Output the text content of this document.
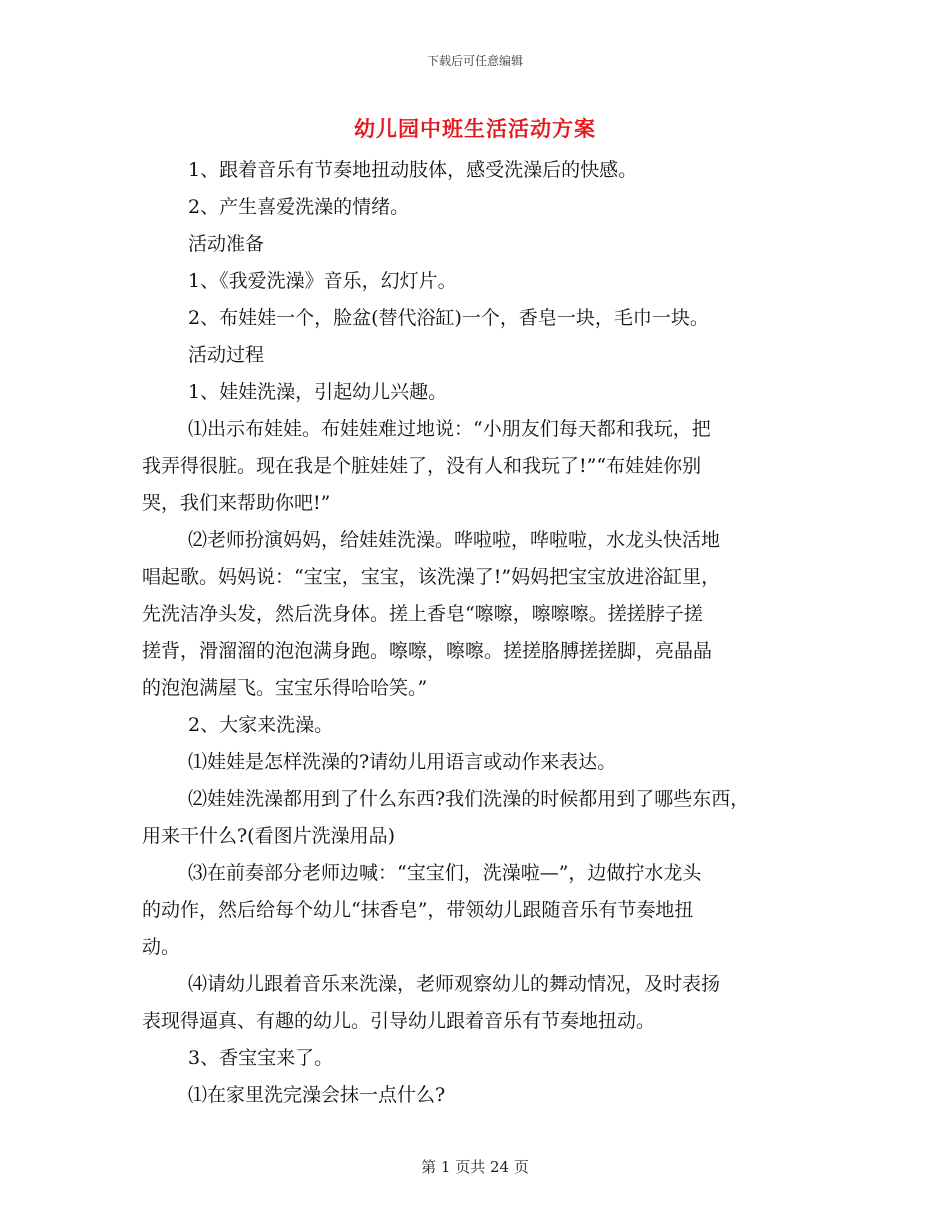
下载后可任意编辑
幼儿园中班生活活动方案

1、跟着音乐有节奏地扭动肢体，感受洗澡后的快感。

2、产生喜爱洗澡的情绪。

活动准备

1、《我爱洗澡》音乐，幻灯片。

2、布娃娃一个，脸盆(替代浴缸)一个，香皂一块，毛巾一块。

活动过程

1、娃娃洗澡，引起幼儿兴趣。

⑴出示布娃娃。布娃娃难过地说：“小朋友们每天都和我玩，把

我弄得很脏。现在我是个脏娃娃了，没有人和我玩了!”“布娃娃你别

哭，我们来帮助你吧!”

⑵老师扮演妈妈，给娃娃洗澡。哗啦啦，哗啦啦，水龙头快活地

唱起歌。妈妈说：“宝宝，宝宝，该洗澡了!”妈妈把宝宝放进浴缸里，

先洗洁净头发，然后洗身体。搓上香皂“嚓嚓，嚓嚓嚓。搓搓脖子搓

搓背，滑溜溜的泡泡满身跑。嚓嚓，嚓嚓。搓搓胳膊搓搓脚，亮晶晶

的泡泡满屋飞。宝宝乐得哈哈笑。”

2、大家来洗澡。

⑴娃娃是怎样洗澡的?请幼儿用语言或动作来表达。

⑵娃娃洗澡都用到了什么东西?我们洗澡的时候都用到了哪些东西，

用来干什么?(看图片洗澡用品)

⑶在前奏部分老师边喊：“宝宝们，洗澡啦—”，边做拧水龙头

的动作，然后给每个幼儿“抹香皂”，带领幼儿跟随音乐有节奏地扭

动。

⑷请幼儿跟着音乐来洗澡，老师观察幼儿的舞动情况，及时表扬

表现得逼真、有趣的幼儿。引导幼儿跟着音乐有节奏地扭动。

3、香宝宝来了。

⑴在家里洗完澡会抹一点什么?

第 1 页共 24 页
